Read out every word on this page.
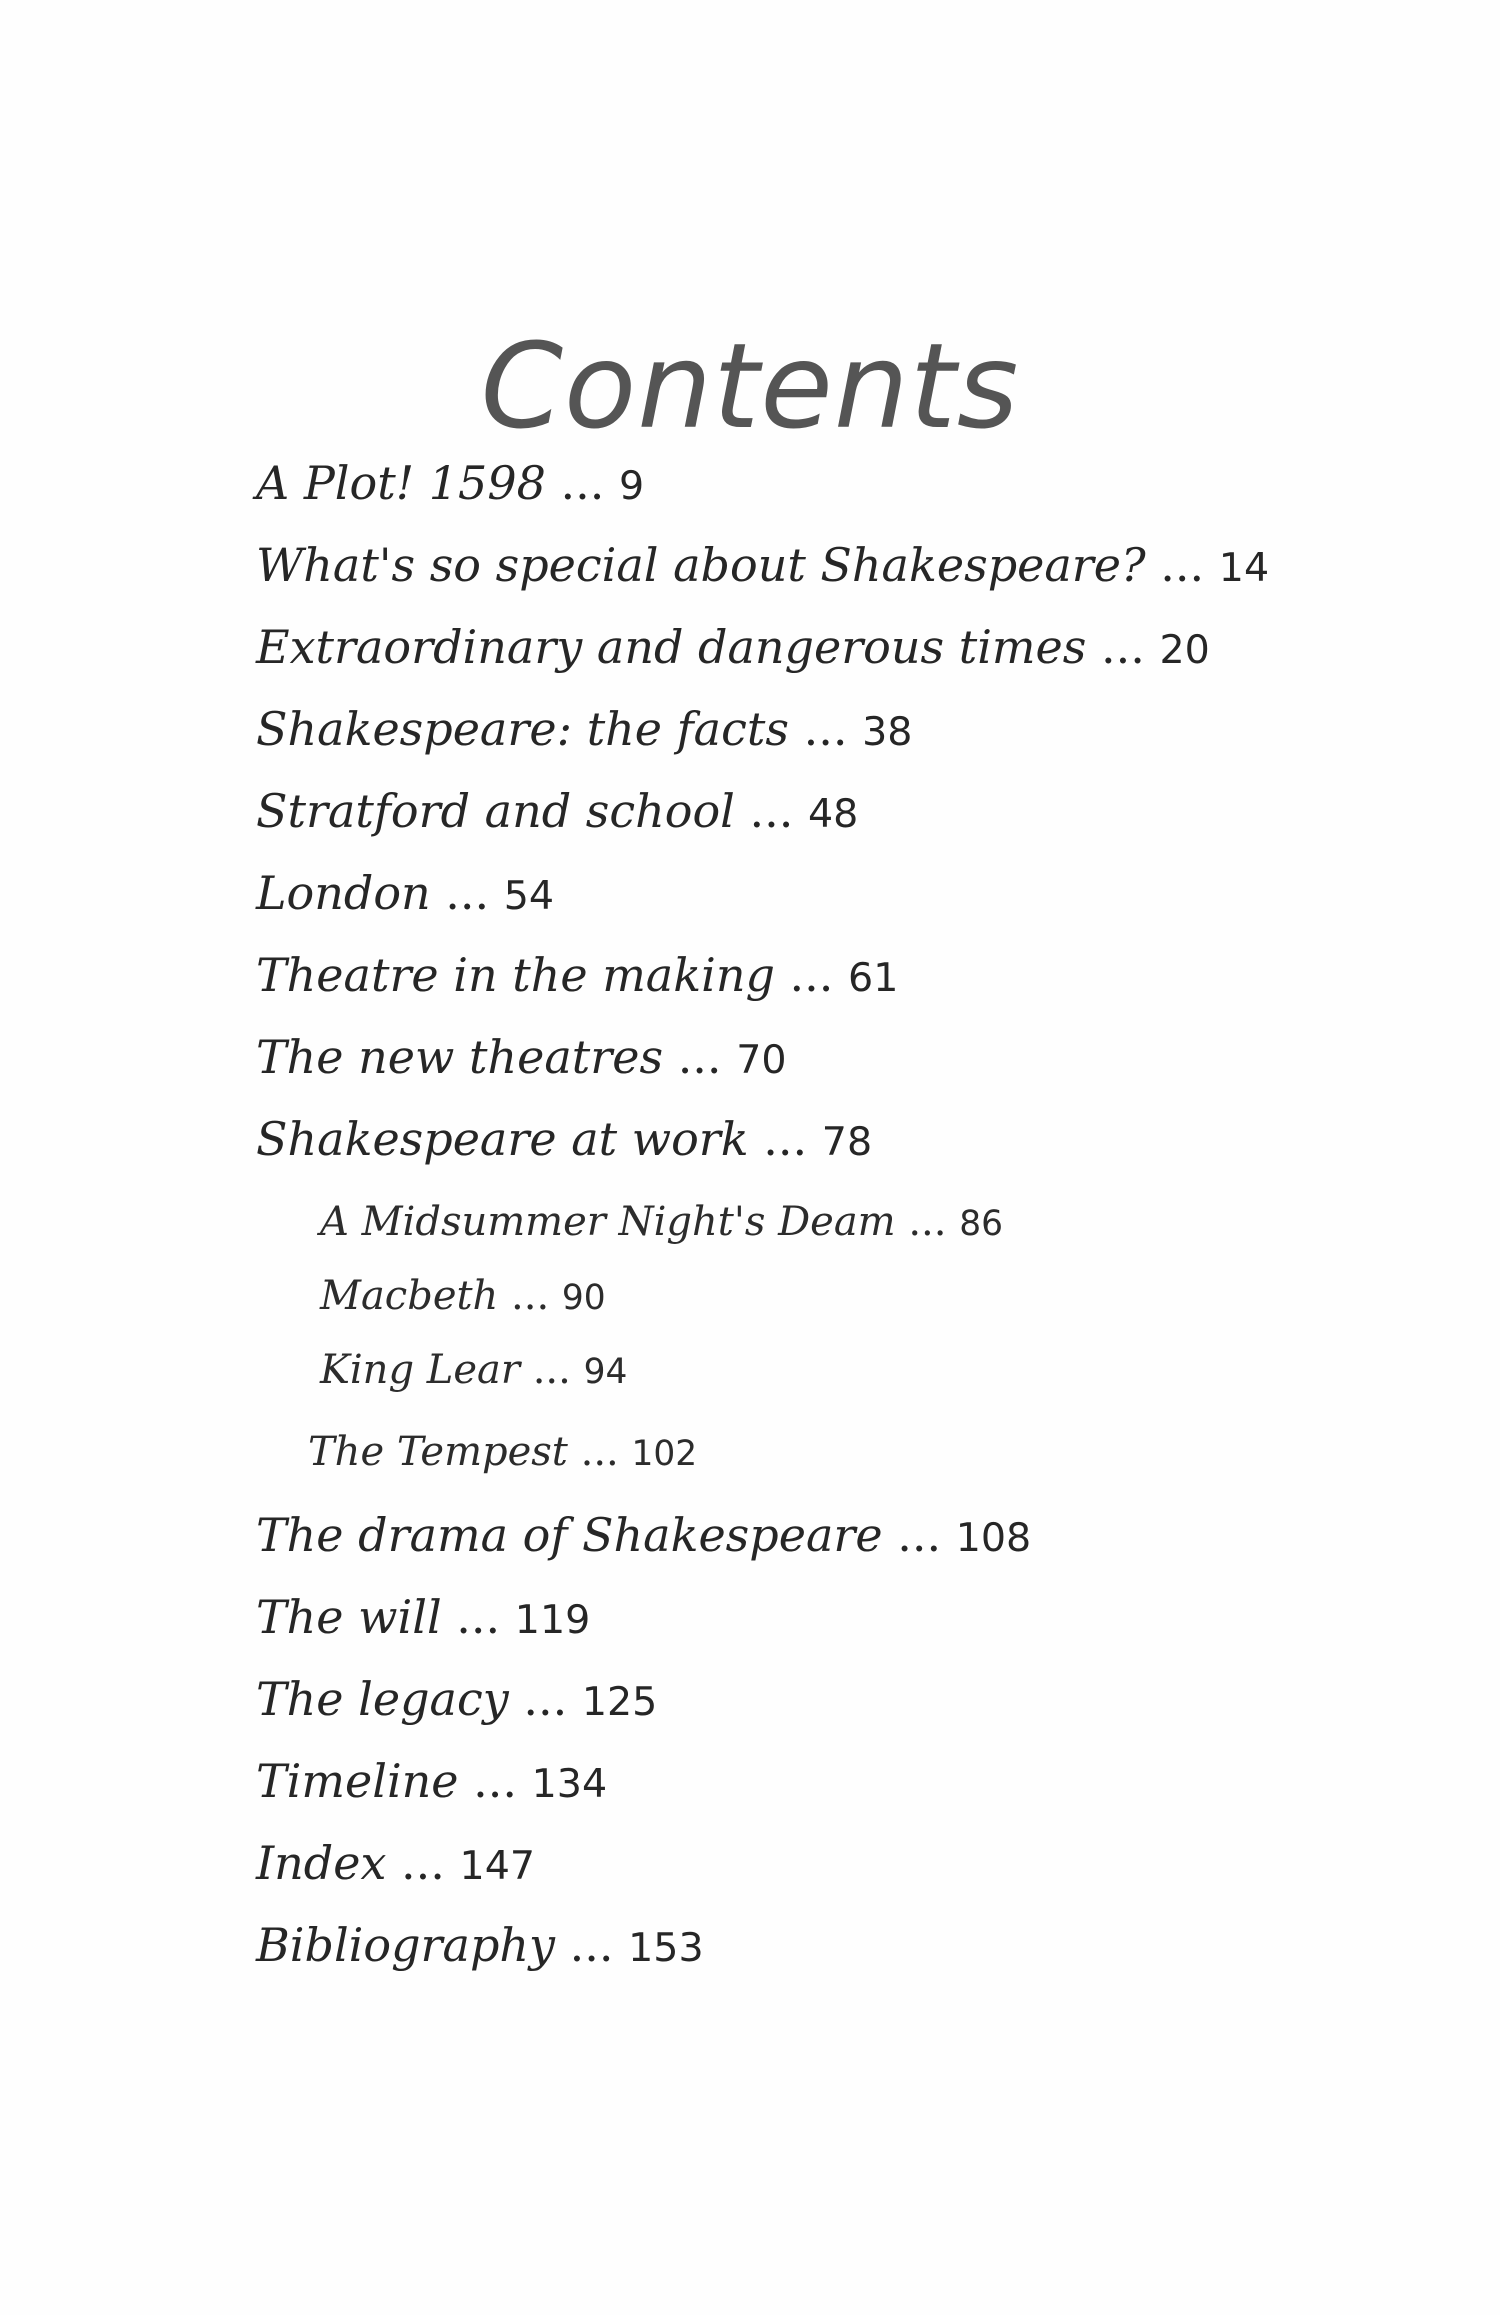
Contents
A Plot! 1598 ... 9
What's so special about Shakespeare? ... 14
Extraordinary and dangerous times ... 20
Shakespeare: the facts ... 38
Stratford and school ... 48
London ... 54
Theatre in the making ... 61
The new theatres ... 70
Shakespeare at work ... 78
A Midsummer Night's Deam ... 86
Macbeth ... 90
King Lear ... 94
The Tempest ... 102
The drama of Shakespeare ... 108
The will ... 119
The legacy ... 125
Timeline ... 134
Index ... 147
Bibliography ... 153
